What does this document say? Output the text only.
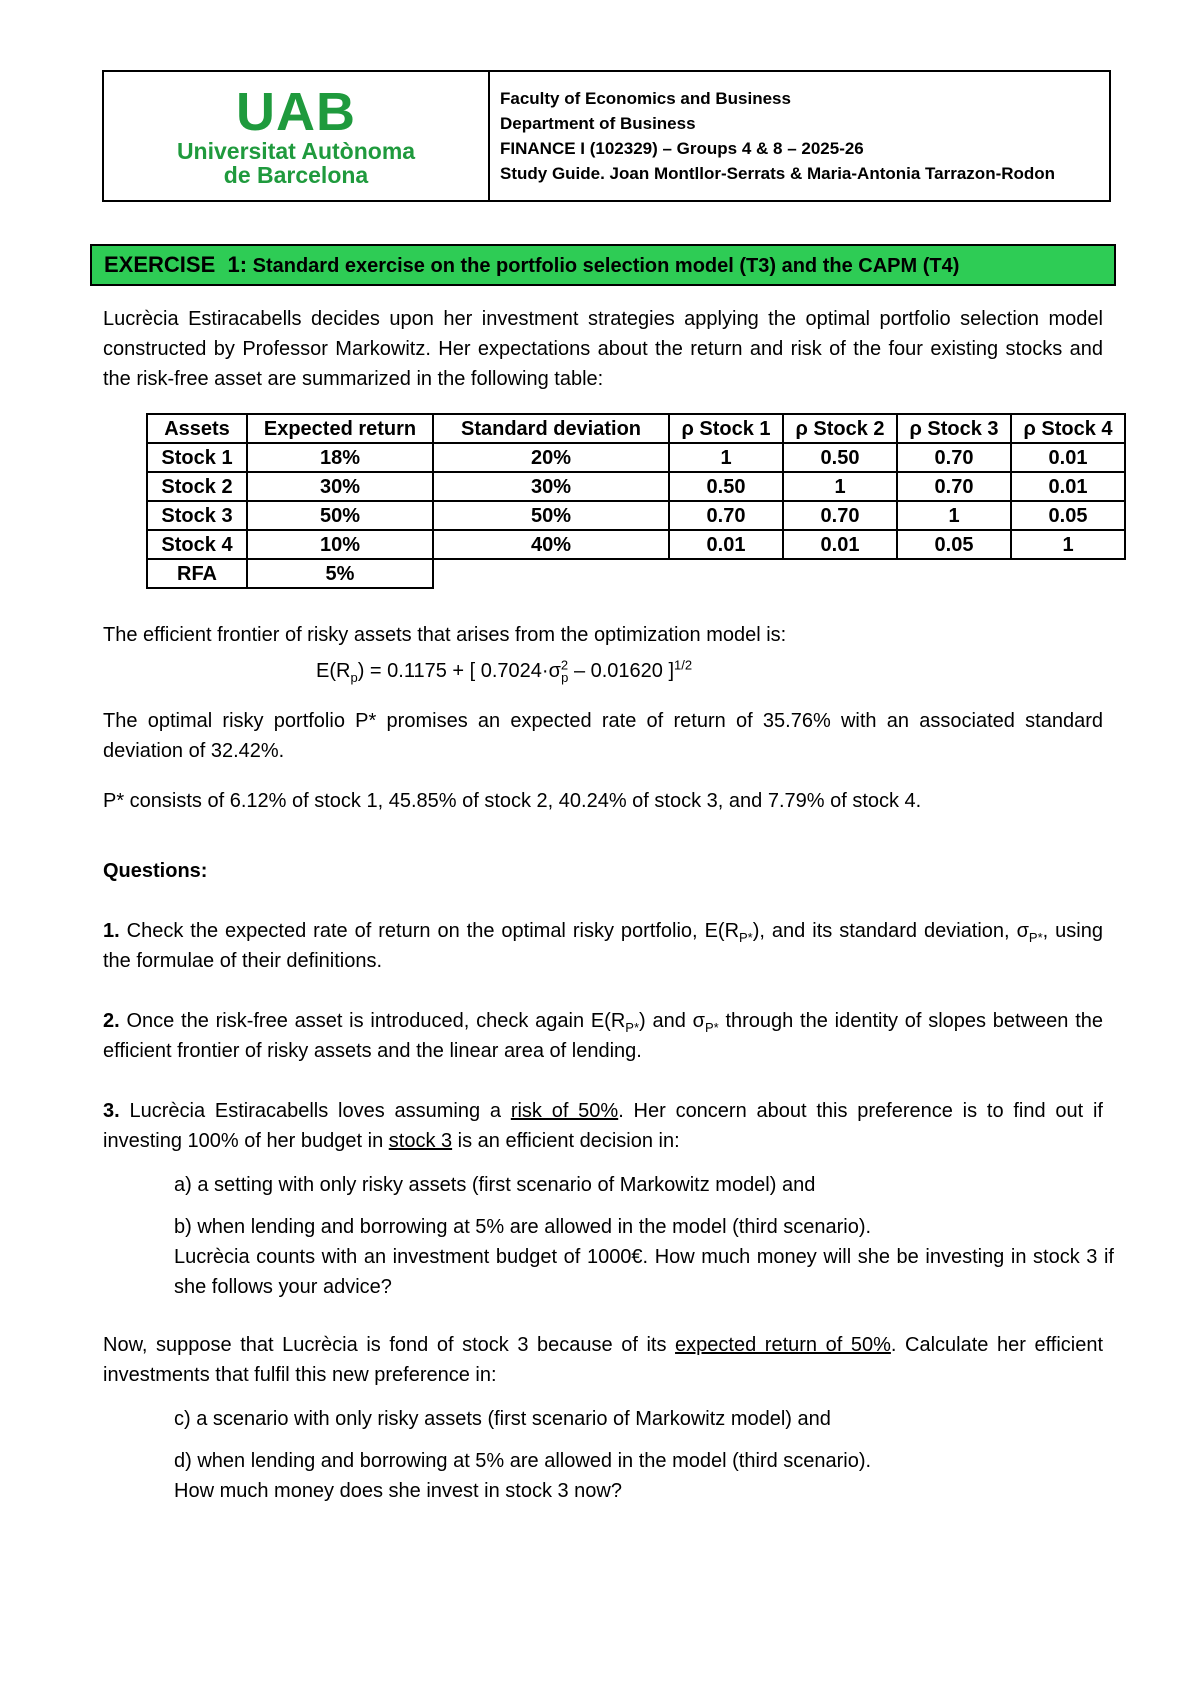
UAB
Universitat Autònoma
de Barcelona
Faculty of Economics and Business
Department of Business
FINANCE I (102329) – Groups 4 & 8 – 2025-26
Study Guide. Joan Montllor-Serrats & Maria-Antonia Tarrazon-Rodon
EXERCISE  1: Standard exercise on the portfolio selection model (T3) and the CAPM (T4)

Lucrècia Estiracabells decides upon her investment strategies applying the optimal portfolio selection model constructed by Professor Markowitz. Her expectations about the return and risk of the four existing stocks and the risk-free asset are summarized in the following table:

Assets	Expected return	Standard deviation	ρ Stock 1	ρ Stock 2	ρ Stock 3	ρ Stock 4
Stock 1	18%	20%	1	0.50	0.70	0.01
Stock 2	30%	30%	0.50	1	0.70	0.01
Stock 3	50%	50%	0.70	0.70	1	0.05
Stock 4	10%	40%	0.01	0.01	0.05	1
RFA	5%					
The efficient frontier of risky assets that arises from the optimization model is:
$E(R_p) = 0.1175$ + [ $0.7024\cdot\sigma^2_p - 0.01620$ ]$^{1/2}$

The optimal risky portfolio P* promises an expected rate of return of 35.76% with an associated standard deviation of 32.42%.

P* consists of 6.12% of stock 1, 45.85% of stock 2, 40.24% of stock 3, and 7.79% of stock 4.
Questions:

1. Check the expected rate of return on the optimal risky portfolio, $E(R_{P*})$, and its standard deviation, $\sigma_{P*}$, using the formulae of their definitions.

2. Once the risk-free asset is introduced, check again $E(R_{P*})$ and $\sigma_{P*}$ through the identity of slopes between the efficient frontier of risky assets and the linear area of lending.

3. Lucrècia Estiracabells loves assuming a risk of 50%. Her concern about this preference is to find out if investing 100% of her budget in stock 3 is an efficient decision in:

a) a setting with only risky assets (first scenario of Markowitz model) and
b) when lending and borrowing at 5% are allowed in the model (third scenario).
Lucrècia counts with an investment budget of 1000€. How much money will she be investing in stock 3 if she follows your advice?

Now, suppose that Lucrècia is fond of stock 3 because of its expected return of 50%. Calculate her efficient investments that fulfil this new preference in:

c) a scenario with only risky assets (first scenario of Markowitz model) and
d) when lending and borrowing at 5% are allowed in the model (third scenario).
How much money does she invest in stock 3 now?
